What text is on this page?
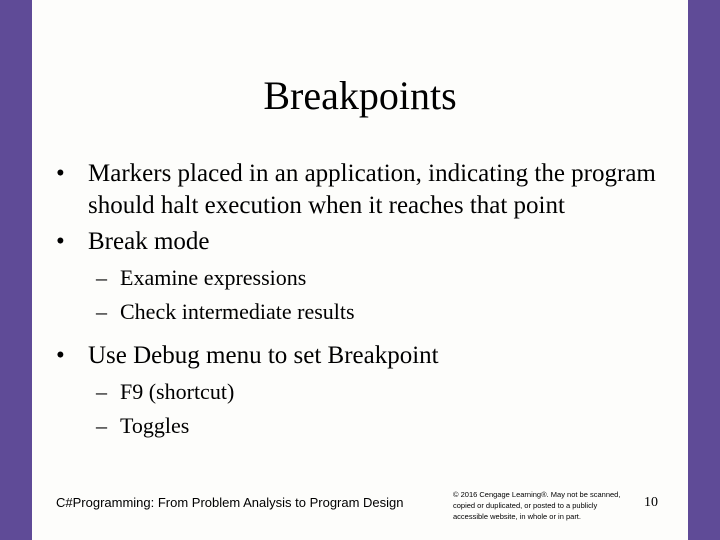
Breakpoints
• Markers placed in an application, indicating the program should halt execution when it reaches that point
• Break mode
– Examine expressions
– Check intermediate results
• Use Debug menu to set Breakpoint
– F9 (shortcut)
– Toggles
C#Programming: From Problem Analysis to Program Design
© 2016 Cengage Learning®. May not be scanned, copied or duplicated, or posted to a publicly accessible website, in whole or in part.
10
